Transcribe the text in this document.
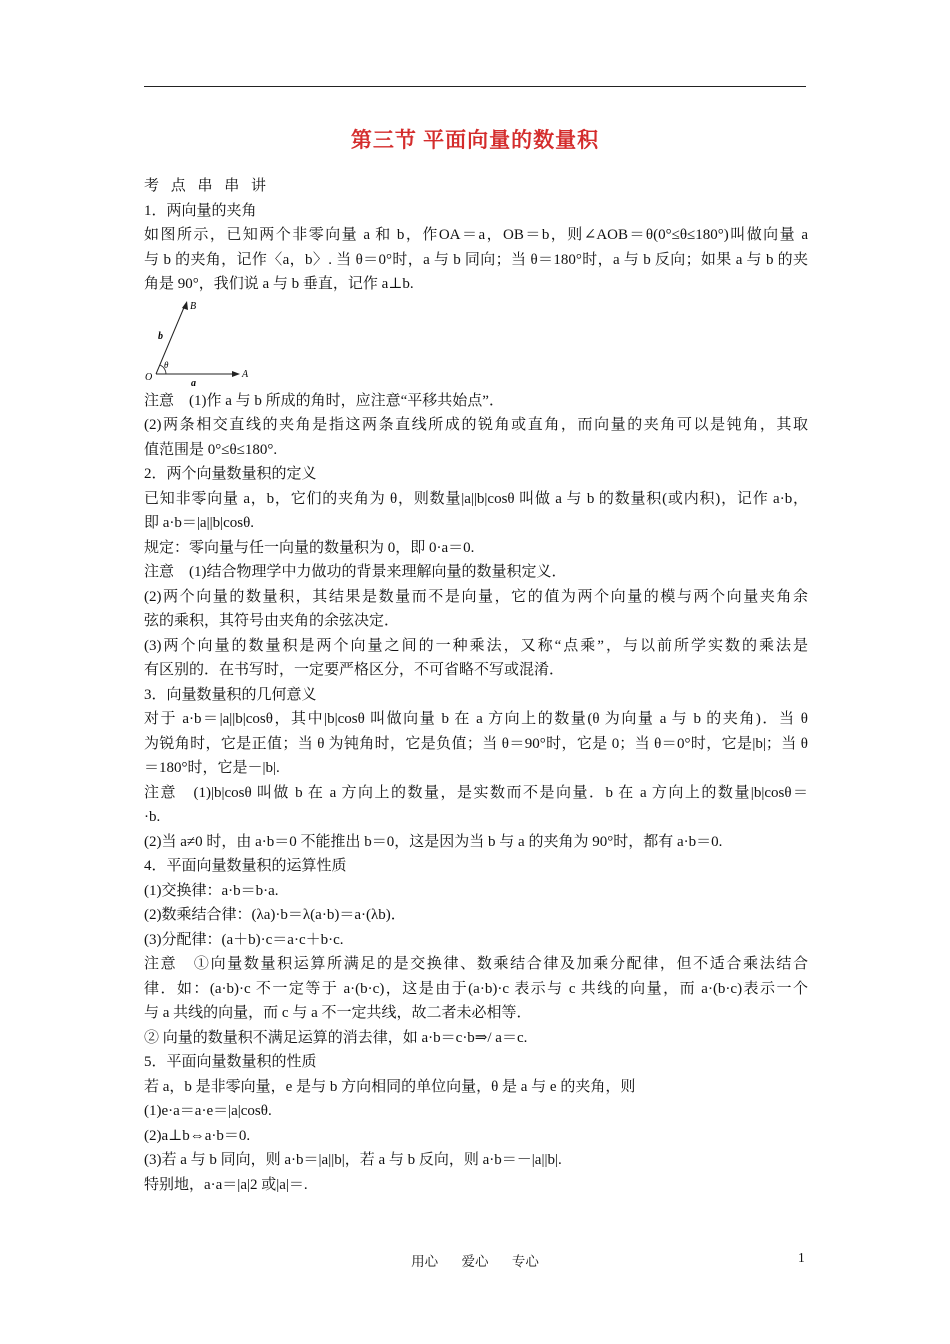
第三节 平面向量的数量积

考 点 串 串 讲

1．两向量的夹角

如图所示，已知两个非零向量 a 和 b，作OA＝a，OB＝b，则∠AOB＝θ(0°≤θ≤180°)叫做向量 a

与 b 的夹角，记作〈a，b〉. 当 θ＝0°时，a 与 b 同向；当 θ＝180°时，a 与 b 反向；如果 a 与 b 的夹

角是 90°，我们说 a 与 b 垂直，记作 a⊥b.

B
b
θ
O
a
A

注意　(1)作 a 与 b 所成的角时，应注意“平移共始点”．

(2)两条相交直线的夹角是指这两条直线所成的锐角或直角，而向量的夹角可以是钝角，其取

值范围是 0°≤θ≤180°.

2．两个向量数量积的定义

已知非零向量 a，b，它们的夹角为 θ，则数量|a||b|cosθ 叫做 a 与 b 的数量积(或内积)，记作 a·b，

即 a·b＝|a||b|cosθ.

规定：零向量与任一向量的数量积为 0，即 0·a＝0.

注意　(1)结合物理学中力做功的背景来理解向量的数量积定义．

(2)两个向量的数量积，其结果是数量而不是向量，它的值为两个向量的模与两个向量夹角余

弦的乘积，其符号由夹角的余弦决定．

(3)两个向量的数量积是两个向量之间的一种乘法，又称“点乘”，与以前所学实数的乘法是

有区别的．在书写时，一定要严格区分，不可省略不写或混淆．

3．向量数量积的几何意义

对于 a·b＝|a||b|cosθ，其中|b|cosθ 叫做向量 b 在 a 方向上的数量(θ 为向量 a 与 b 的夹角)．当 θ

为锐角时，它是正值；当 θ 为钝角时，它是负值；当 θ＝90°时，它是 0；当 θ＝0°时，它是|b|；当 θ

＝180°时，它是－|b|.

注意　(1)|b|cosθ 叫做 b 在 a 方向上的数量，是实数而不是向量．b 在 a 方向上的数量|b|cosθ＝

·b.

(2)当 a≠0 时，由 a·b＝0 不能推出 b＝0，这是因为当 b 与 a 的夹角为 90°时，都有 a·b＝0.

4．平面向量数量积的运算性质

(1)交换律：a·b＝b·a.

(2)数乘结合律：(λa)·b＝λ(a·b)＝a·(λb)．

(3)分配律：(a＋b)·c＝a·c＋b·c.

注意　①向量数量积运算所满足的是交换律、数乘结合律及加乘分配律，但不适合乘法结合

律．如：(a·b)·c 不一定等于 a·(b·c)，这是由于(a·b)·c 表示与 c 共线的向量，而 a·(b·c)表示一个

与 a 共线的向量，而 c 与 a 不一定共线，故二者未必相等．

② 向量的数量积不满足运算的消去律，如 a·b＝c·b⇒/ a＝c.

5．平面向量数量积的性质

若 a，b 是非零向量，e 是与 b 方向相同的单位向量，θ 是 a 与 e 的夹角，则

(1)e·a＝a·e＝|a|cosθ.

(2)a⊥b⇔a·b＝0.

(3)若 a 与 b 同向，则 a·b＝|a||b|，若 a 与 b 反向，则 a·b＝－|a||b|.

特别地，a·a＝|a|2 或|a|＝.

用心 爱心 专心	1
